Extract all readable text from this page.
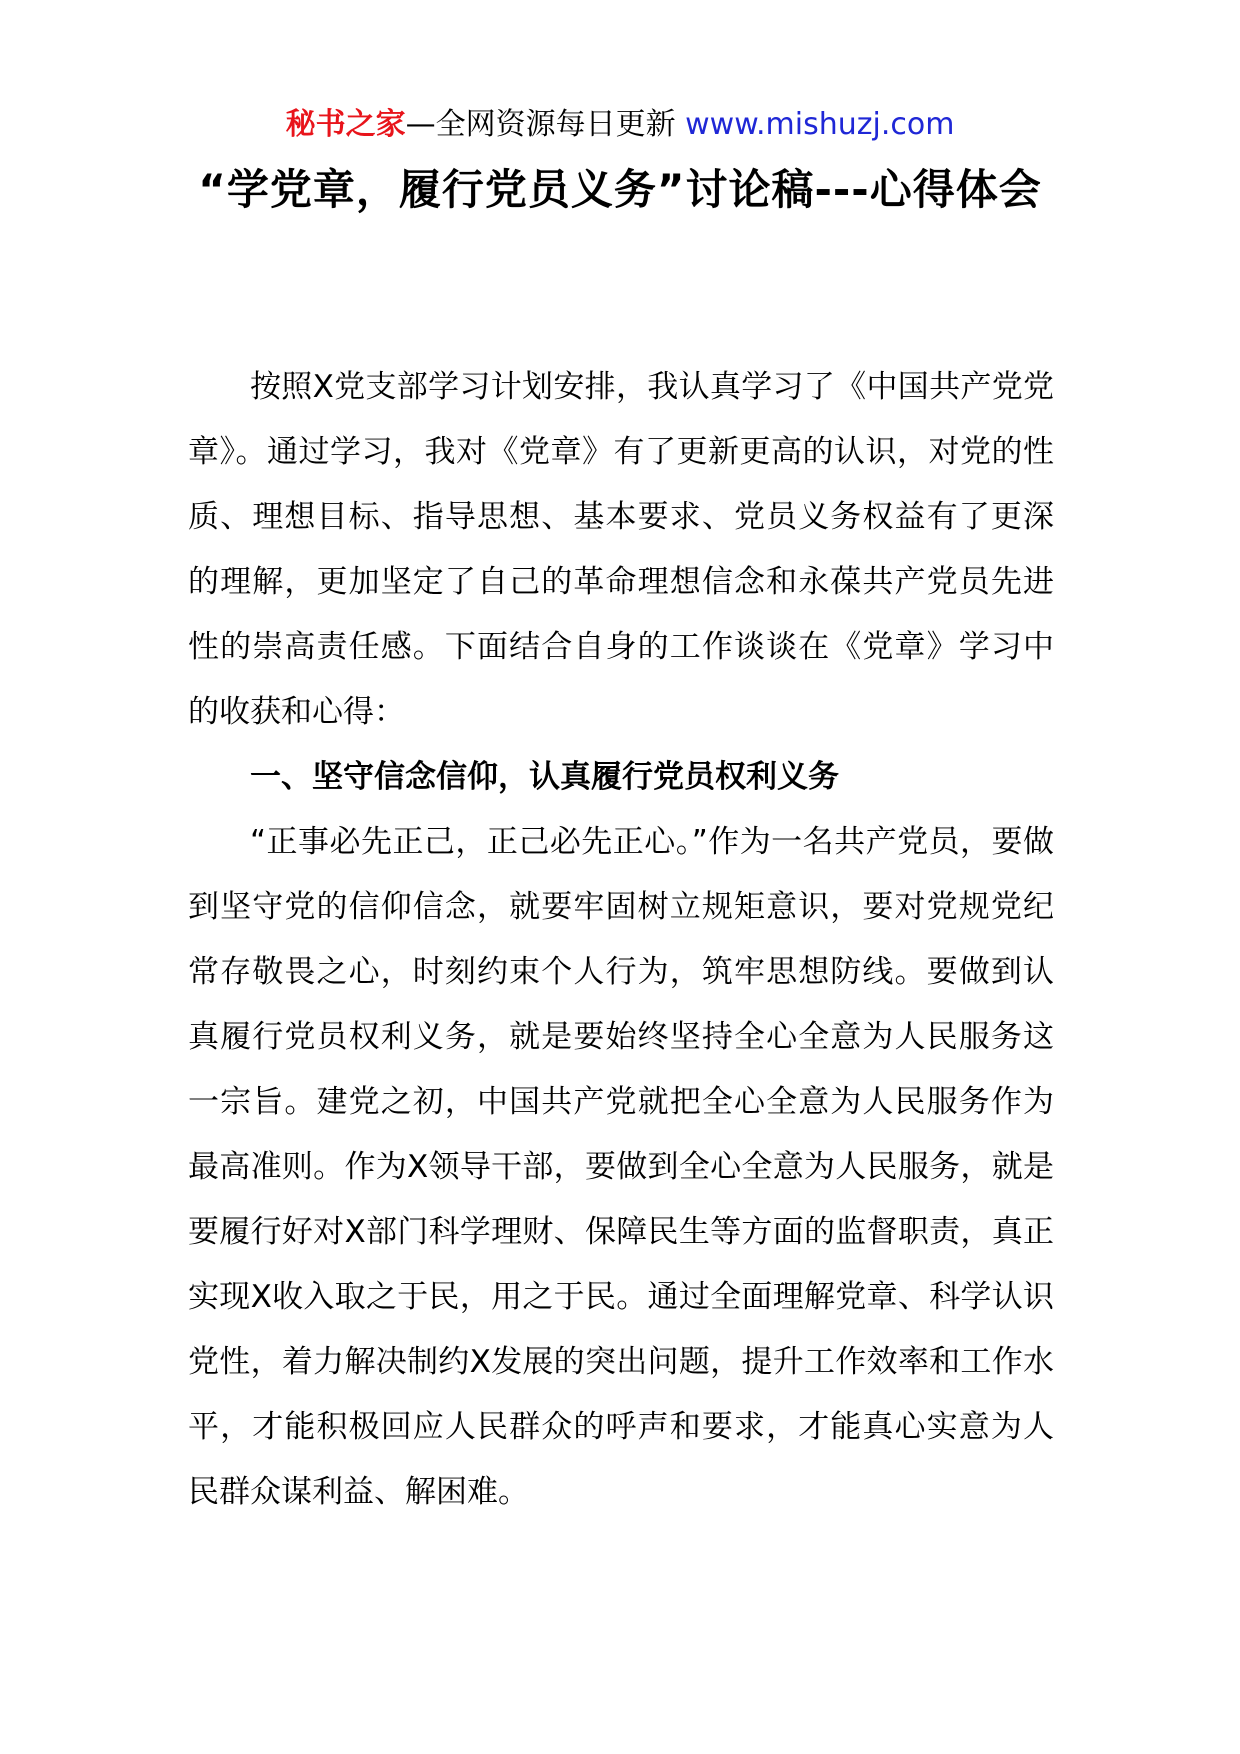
秘书之家—全网资源每日更新 www.mishuzj.com
“学党章，履行党员义务”讨论稿---心得体会

按照X党支部学习计划安排，我认真学习了《中国共产党党章》。通过学习，我对《党章》有了更新更高的认识，对党的性质、理想目标、指导思想、基本要求、党员义务权益有了更深的理解，更加坚定了自己的革命理想信念和永葆共产党员先进性的崇高责任感。下面结合自身的工作谈谈在《党章》学习中的收获和心得：

一、坚守信念信仰，认真履行党员权利义务

“正事必先正己，正己必先正心。”作为一名共产党员，要做到坚守党的信仰信念，就要牢固树立规矩意识，要对党规党纪常存敬畏之心，时刻约束个人行为，筑牢思想防线。要做到认真履行党员权利义务，就是要始终坚持全心全意为人民服务这一宗旨。建党之初，中国共产党就把全心全意为人民服务作为最高准则。作为X领导干部，要做到全心全意为人民服务，就是要履行好对X部门科学理财、保障民生等方面的监督职责，真正实现X收入取之于民，用之于民。通过全面理解党章、科学认识党性，着力解决制约X发展的突出问题，提升工作效率和工作水平，才能积极回应人民群众的呼声和要求，才能真心实意为人民群众谋利益、解困难。
